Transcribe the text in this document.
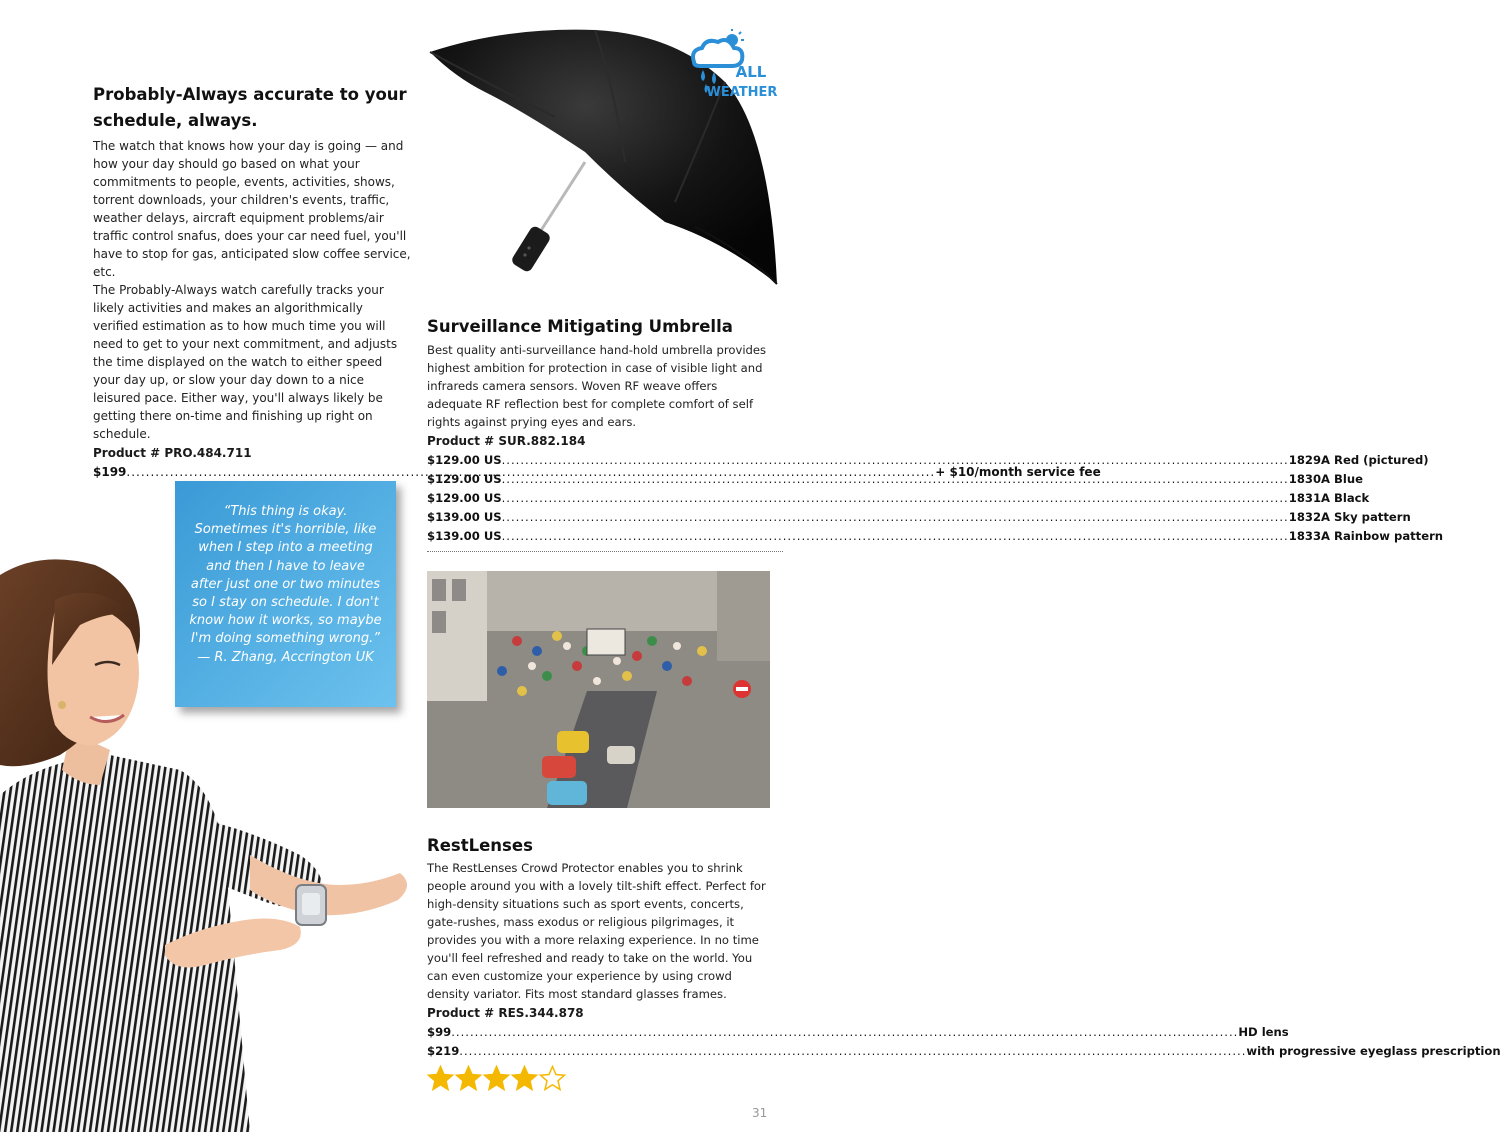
Probably-Always accurate to your schedule, always.

The watch that knows how your day is going — and how your day should go based on what your commitments to people, events, activities, shows, torrent downloads, your children's events, traffic, weather delays, aircraft equipment problems/air traffic control snafus, does your car need fuel, you'll have to stop for gas, anticipated slow coffee service, etc.

The Probably-Always watch carefully tracks your likely activities and makes an algorithmically verified estimation as to how much time you will need to get to your next commitment, and adjusts the time displayed on the watch to either speed your day up, or slow your day down to a nice leisured pace. Either way, you'll always likely be getting there on-time and finishing up right on schedule.

Product # PRO.484.711
$199 .....	+ $10/month service fee
ALL
WEATHER
Surveillance Mitigating Umbrella

Best quality anti-surveillance hand-hold umbrella provides highest ambition for protection in case of visible light and infrareds camera sensors. Woven RF weave offers adequate RF reflection best for complete comfort of self rights against prying eyes and ears.

Product # SUR.882.184
$129.00 US .....	1829A Red (pictured)
$129.00 US .....	1830A Blue
$129.00 US .....	1831A Black
$139.00 US .....	1832A Sky pattern
$139.00 US .....	1833A Rainbow pattern

“This thing is okay. Sometimes it's horrible, like when I step into a meeting and then I have to leave after just one or two minutes so I stay on schedule. I don't know how it works, so maybe I'm doing something wrong.”

— R. Zhang, Accrington UK

RestLenses

The RestLenses Crowd Protector enables you to shrink people around you with a lovely tilt-shift effect. Perfect for high-density situations such as sport events, concerts, gate-rushes, mass exodus or religious pilgrimages, it provides you with a more relaxing experience. In no time you'll feel refreshed and ready to take on the world. You can even customize your experience by using crowd density variator. Fits most standard glasses frames.

Product # RES.344.878
$99 .....	HD lens
$219 .....	with progressive eyeglass prescription
31
